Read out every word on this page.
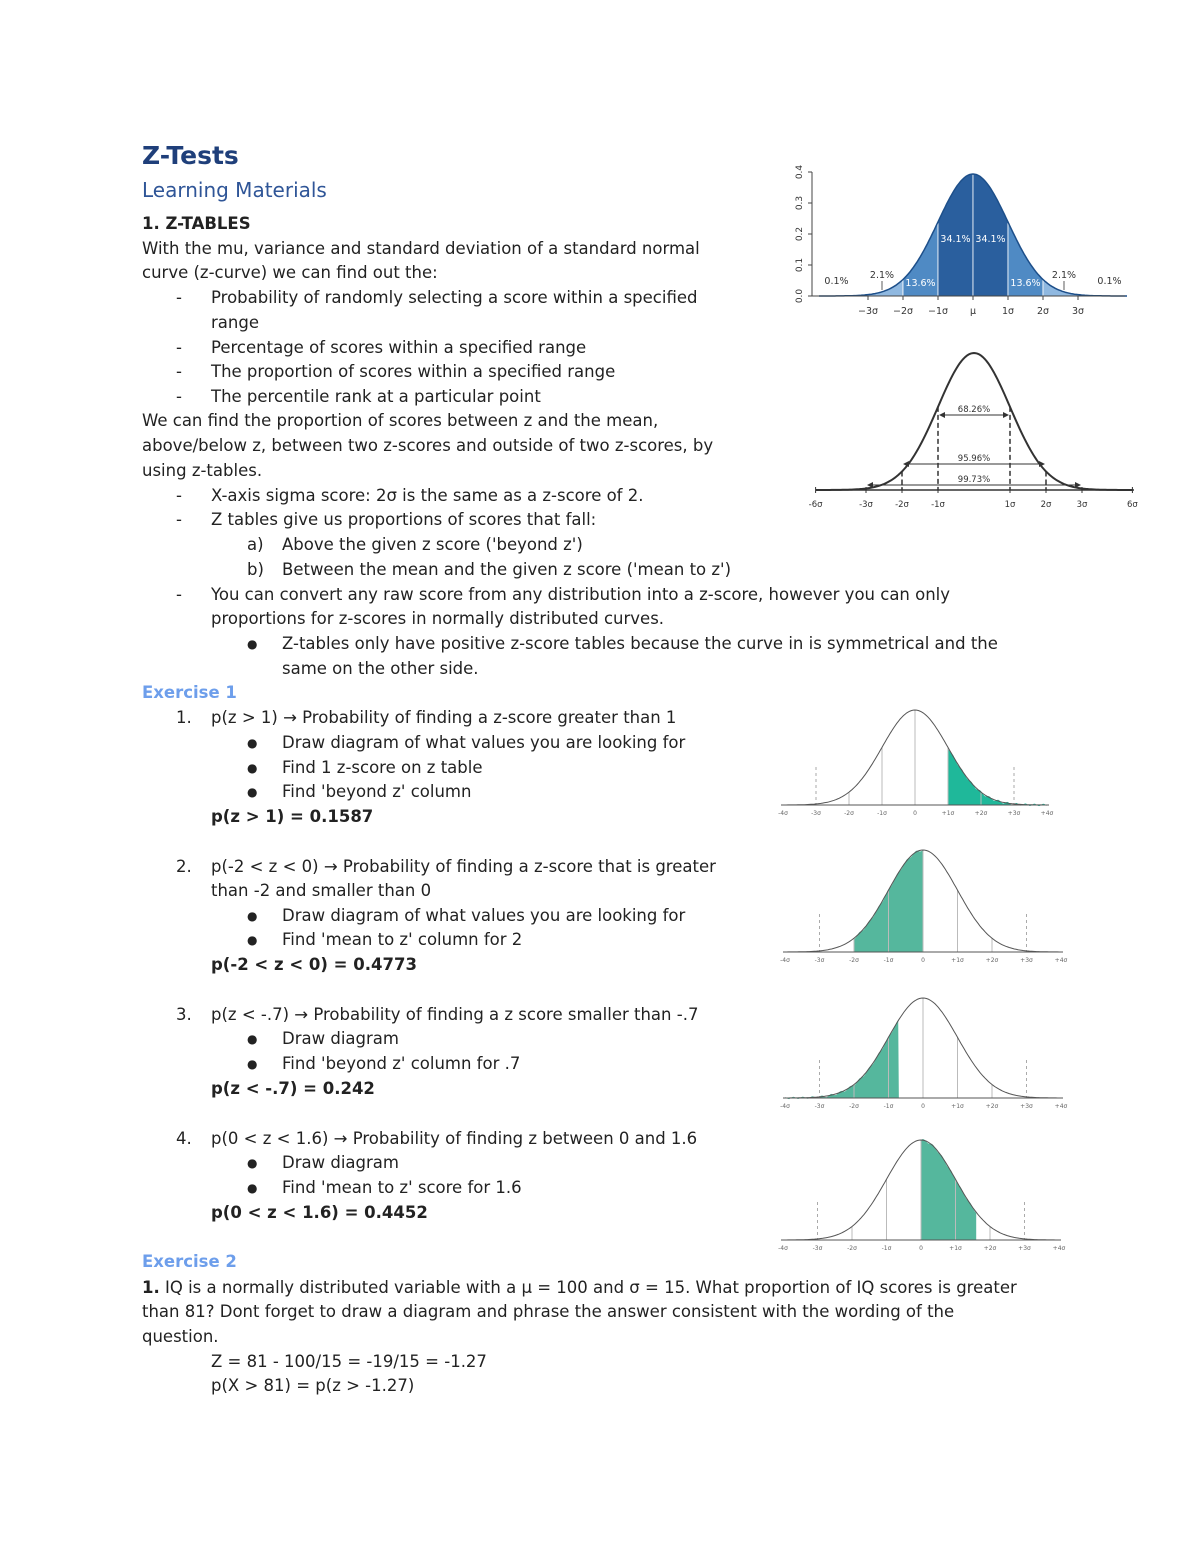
Z-Tests
Learning Materials
1. Z-TABLES
With the mu, variance and standard deviation of a standard normal
curve (z-curve) we can find out the:
- Probability of randomly selecting a score within a specified
range
- Percentage of scores within a specified range
- The proportion of scores within a specified range
- The percentile rank at a particular point
We can find the proportion of scores between z and the mean,
above/below z, between two z-scores and outside of two z-scores, by
using z-tables.
- X-axis sigma score: 2σ is the same as a z-score of 2.
- Z tables give us proportions of scores that fall:
a) Above the given z score ('beyond z')
b) Between the mean and the given z score ('mean to z')
- You can convert any raw score from any distribution into a z-score, however you can only
proportions for z-scores in normally distributed curves.
● Z-tables only have positive z-score tables because the curve in is symmetrical and the
same on the other side.
Exercise 1
1. p(z > 1) → Probability of finding a z-score greater than 1
● Draw diagram of what values you are looking for
● Find 1 z-score on z table
● Find 'beyond z' column
p(z > 1) = 0.1587
2. p(-2 < z < 0) → Probability of finding a z-score that is greater
than -2 and smaller than 0
● Draw diagram of what values you are looking for
● Find 'mean to z' column for 2
p(-2 < z < 0) = 0.4773
3. p(z < -.7) → Probability of finding a z score smaller than -.7
● Draw diagram
● Find 'beyond z' column for .7
p(z < -.7) = 0.242
4. p(0 < z < 1.6) → Probability of finding z between 0 and 1.6
● Draw diagram
● Find 'mean to z' score for 1.6
p(0 < z < 1.6) = 0.4452
Exercise 2
1. IQ is a normally distributed variable with a μ = 100 and σ = 15. What proportion of IQ scores is greater
than 81? Dont forget to draw a diagram and phrase the answer consistent with the wording of the
question.
Z = 81 - 100/15 = -19/15 = -1.27
p(X > 81) = p(z > -1.27)
0.0
0.1
0.2
0.3
0.4
−3σ −2σ −1σ μ	1σ 2σ 3σ
0.1%
2.1%
13.6%
34.1% 34.1%
13.6%
2.1%
0.1%
68.26%
95.96%
99.73%
-6σ	-3σ	-2σ	-1σ	1σ	2σ	3σ	6σ
-4σ	-3σ	-2σ	-1σ	0	+1σ	+2σ	+3σ	+4σ
-4σ	-3σ	-2σ	-1σ	0	+1σ	+2σ	+3σ	+4σ
-4σ	-3σ	-2σ	-1σ	0	+1σ	+2σ	+3σ	+4σ
-4σ	-3σ	-2σ	-1σ	0	+1σ	+2σ	+3σ	+4σ
